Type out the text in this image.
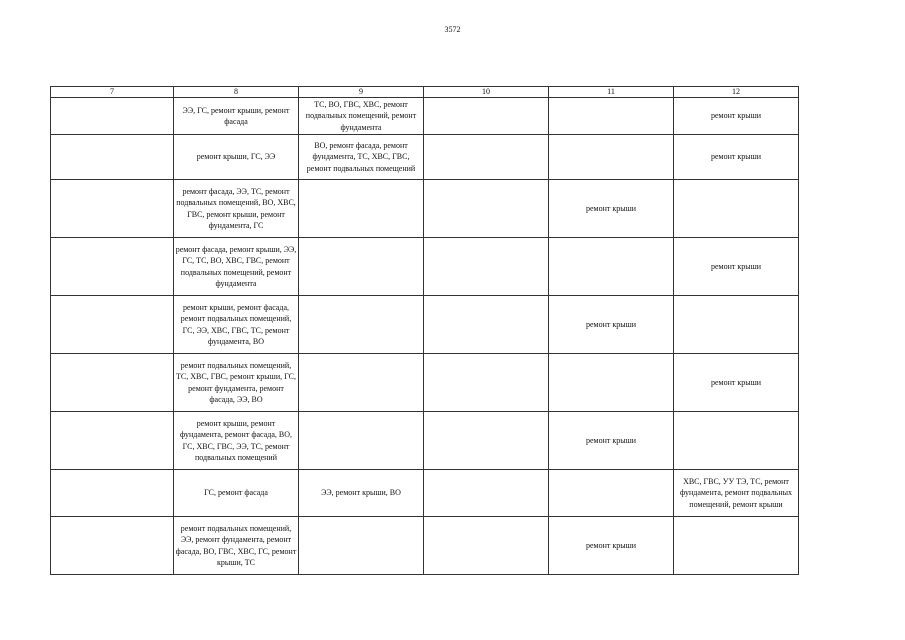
3572
7	8	9	10	11	12
	ЭЭ, ГС, ремонт крыши, ремонт фасада	ТС, ВО, ГВС, ХВС, ремонт подвальных помещений, ремонт фундамента			ремонт крыши
	ремонт крыши, ГС, ЭЭ	ВО, ремонт фасада, ремонт фундамента, ТС, ХВС, ГВС, ремонт подвальных помещений			ремонт крыши
	ремонт фасада, ЭЭ, ТС, ремонт подвальных помещений, ВО, ХВС, ГВС, ремонт крыши, ремонт фундамента, ГС			ремонт крыши	
	ремонт фасада, ремонт крыши, ЭЭ, ГС, ТС, ВО, ХВС, ГВС, ремонт подвальных помещений, ремонт фундамента				ремонт крыши
	ремонт крыши, ремонт фасада, ремонт подвальных помещений, ГС, ЭЭ, ХВС, ГВС, ТС, ремонт фундамента, ВО			ремонт крыши	
	ремонт подвальных помещений, ТС, ХВС, ГВС, ремонт крыши, ГС, ремонт фундамента, ремонт фасада, ЭЭ, ВО				ремонт крыши
	ремонт крыши, ремонт фундамента, ремонт фасада, ВО, ГС, ХВС, ГВС, ЭЭ, ТС, ремонт подвальных помещений			ремонт крыши	
	ГС, ремонт фасада	ЭЭ, ремонт крыши, ВО			ХВС, ГВС, УУ ТЭ, ТС, ремонт фундамента, ремонт подвальных помещений, ремонт крыши
	ремонт подвальных помещений, ЭЭ, ремонт фундамента, ремонт фасада, ВО, ГВС, ХВС, ГС, ремонт крыши, ТС			ремонт крыши	
